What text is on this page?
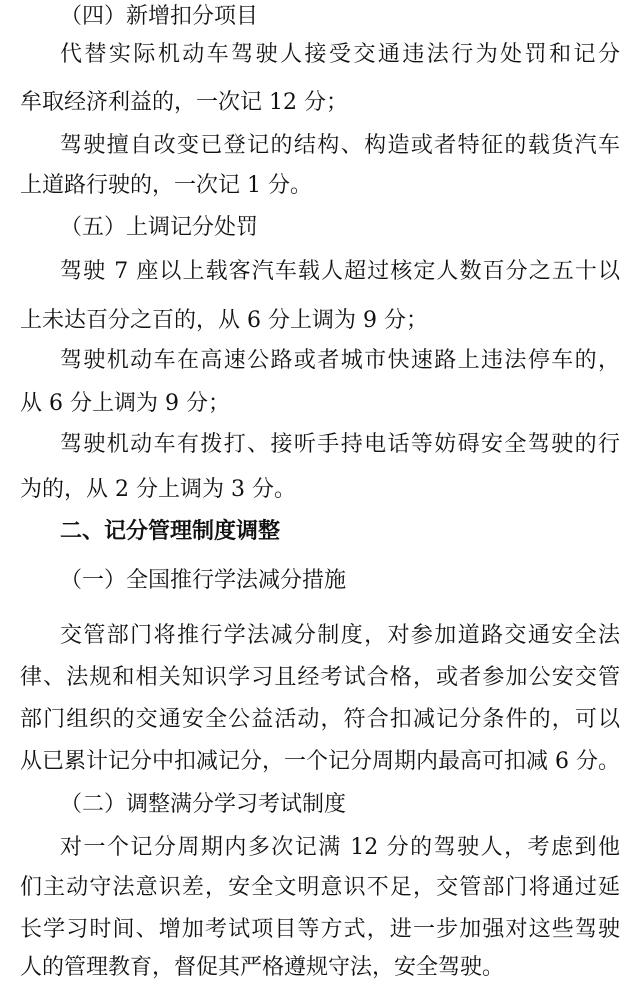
（四）新增扣分项目
代替实际机动车驾驶人接受交通违法行为处罚和记分
牟取经济利益的，一次记 12 分；
驾驶擅自改变已登记的结构、构造或者特征的载货汽车
上道路行驶的，一次记 1 分。
（五）上调记分处罚
驾驶 7 座以上载客汽车载人超过核定人数百分之五十以
上未达百分之百的，从 6 分上调为 9 分；
驾驶机动车在高速公路或者城市快速路上违法停车的，
从 6 分上调为 9 分；
驾驶机动车有拨打、接听手持电话等妨碍安全驾驶的行
为的，从 2 分上调为 3 分。
二、记分管理制度调整
（一）全国推行学法减分措施
交管部门将推行学法减分制度，对参加道路交通安全法
律、法规和相关知识学习且经考试合格，或者参加公安交管
部门组织的交通安全公益活动，符合扣减记分条件的，可以
从已累计记分中扣减记分，一个记分周期内最高可扣减 6 分。
（二）调整满分学习考试制度
对一个记分周期内多次记满 12 分的驾驶人，考虑到他
们主动守法意识差，安全文明意识不足，交管部门将通过延
长学习时间、增加考试项目等方式，进一步加强对这些驾驶
人的管理教育，督促其严格遵规守法，安全驾驶。
